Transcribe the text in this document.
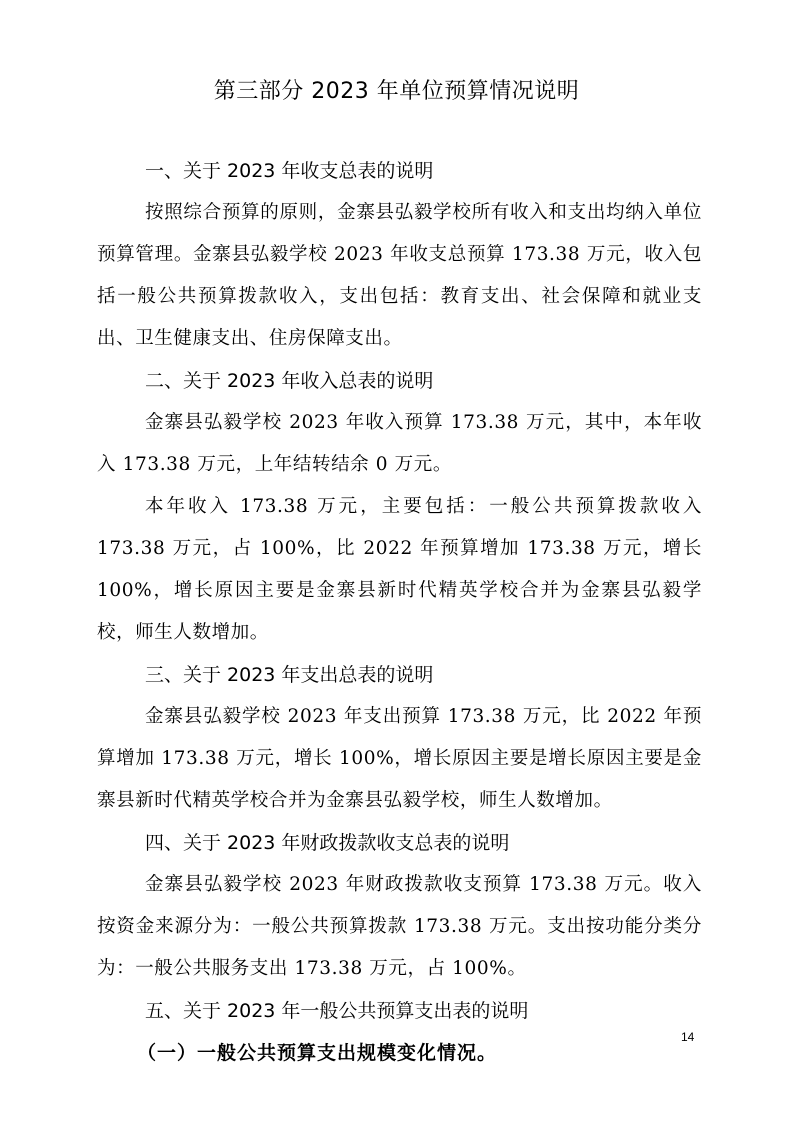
第三部分 2023 年单位预算情况说明
一、关于 2023 年收支总表的说明

按照综合预算的原则，金寨县弘毅学校所有收入和支出均纳入单位预算管理。金寨县弘毅学校 2023 年收支总预算 173.38 万元，收入包括一般公共预算拨款收入，支出包括：教育支出、社会保障和就业支出、卫生健康支出、住房保障支出。

二、关于 2023 年收入总表的说明

金寨县弘毅学校 2023 年收入预算 173.38 万元，其中，本年收入 173.38 万元，上年结转结余 0 万元。

本年收入 173.38 万元，主要包括：一般公共预算拨款收入 173.38 万元，占 100%，比 2022 年预算增加 173.38 万元，增长 100%，增长原因主要是金寨县新时代精英学校合并为金寨县弘毅学校，师生人数增加。

三、关于 2023 年支出总表的说明

金寨县弘毅学校 2023 年支出预算 173.38 万元，比 2022 年预算增加 173.38 万元，增长 100%，增长原因主要是增长原因主要是金寨县新时代精英学校合并为金寨县弘毅学校，师生人数增加。

四、关于 2023 年财政拨款收支总表的说明

金寨县弘毅学校 2023 年财政拨款收支预算 173.38 万元。收入按资金来源分为：一般公共预算拨款 173.38 万元。支出按功能分类分为：一般公共服务支出 173.38 万元，占 100%。

五、关于 2023 年一般公共预算支出表的说明
（一）一般公共预算支出规模变化情况。
14
